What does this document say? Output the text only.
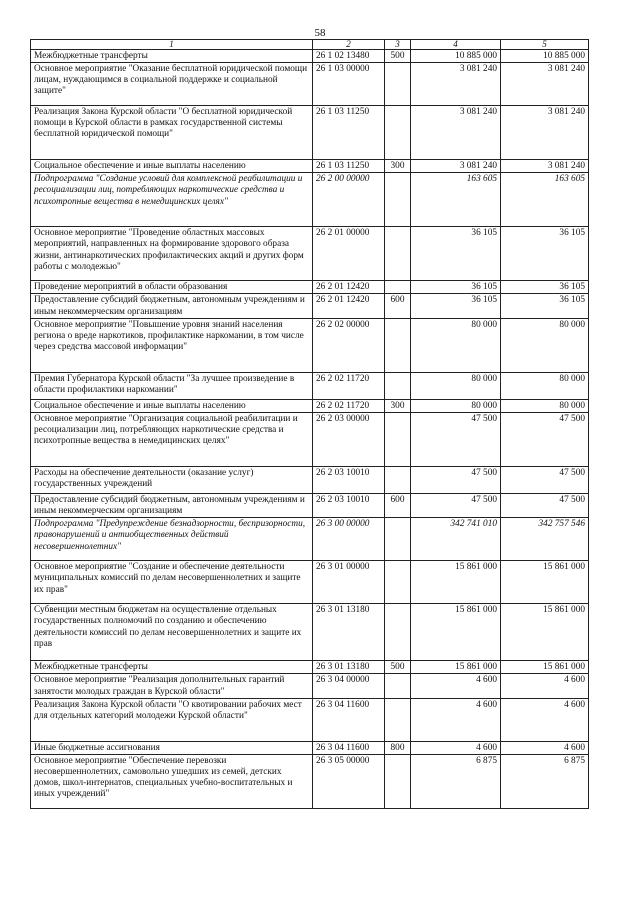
58
1	2	3	4	5
Межбюджетные трансферты	26 1 02 13480	500	10 885 000	10 885 000
Основное мероприятие "Оказание бесплатной юридической помощи лицам, нуждающимся в социальной поддержке и социальной защите"	26 1 03 00000		3 081 240	3 081 240
Реализация Закона Курской области "О бесплатной юридической помощи в Курской области в рамках государственной системы бесплатной юридической помощи"	26 1 03 11250		3 081 240	3 081 240
Социальное обеспечение и иные выплаты населению	26 1 03 11250	300	3 081 240	3 081 240
Подпрограмма "Создание условий для комплексной реабилитации и ресоциализации лиц, потребляющих наркотические средства и психотропные вещества в немедицинских целях"	26 2 00 00000		163 605	163 605
Основное мероприятие "Проведение областных массовых мероприятий, направленных на формирование здорового образа жизни, антинаркотических профилактических акций и других форм работы с молодежью"	26 2 01 00000		36 105	36 105
Проведение мероприятий в области образования	26 2 01 12420		36 105	36 105
Предоставление субсидий бюджетным, автономным учреждениям и иным некоммерческим организациям	26 2 01 12420	600	36 105	36 105
Основное мероприятие "Повышение уровня знаний населения региона о вреде наркотиков, профилактике наркомании, в том числе через средства массовой информации"	26 2 02 00000		80 000	80 000
Премия Губернатора Курской области "За лучшее произведение в области профилактики наркомании"	26 2 02 11720		80 000	80 000
Социальное обеспечение и иные выплаты населению	26 2 02 11720	300	80 000	80 000
Основное мероприятие "Организация социальной реабилитации и ресоциализации лиц, потребляющих наркотические средства и психотропные вещества в немедицинских целях"	26 2 03 00000		47 500	47 500
Расходы на обеспечение деятельности (оказание услуг) государственных учреждений	26 2 03 10010		47 500	47 500
Предоставление субсидий бюджетным, автономным учреждениям и иным некоммерческим организациям	26 2 03 10010	600	47 500	47 500
Подпрограмма "Предупреждение безнадзорности, беспризорности, правонарушений и антиобщественных действий несовершеннолетних"	26 3 00 00000		342 741 010	342 757 546
Основное мероприятие "Создание и обеспечение деятельности муниципальных комиссий по делам несовершеннолетних и защите их прав"	26 3 01 00000		15 861 000	15 861 000
Субвенции местным бюджетам на осуществление отдельных государственных полномочий по созданию и обеспечению деятельности комиссий по делам несовершеннолетних и защите их прав	26 3 01 13180		15 861 000	15 861 000
Межбюджетные трансферты	26 3 01 13180	500	15 861 000	15 861 000
Основное мероприятие "Реализация дополнительных гарантий занятости молодых граждан в Курской области"	26 3 04 00000		4 600	4 600
Реализация Закона Курской области "О квотировании рабочих мест для отдельных категорий молодежи Курской области"	26 3 04 11600		4 600	4 600
Иные бюджетные ассигнования	26 3 04 11600	800	4 600	4 600
Основное мероприятие "Обеспечение перевозки несовершеннолетних, самовольно ушедших из семей, детских домов, школ-интернатов, специальных учебно-воспитательных и иных учреждений"	26 3 05 00000		6 875	6 875
